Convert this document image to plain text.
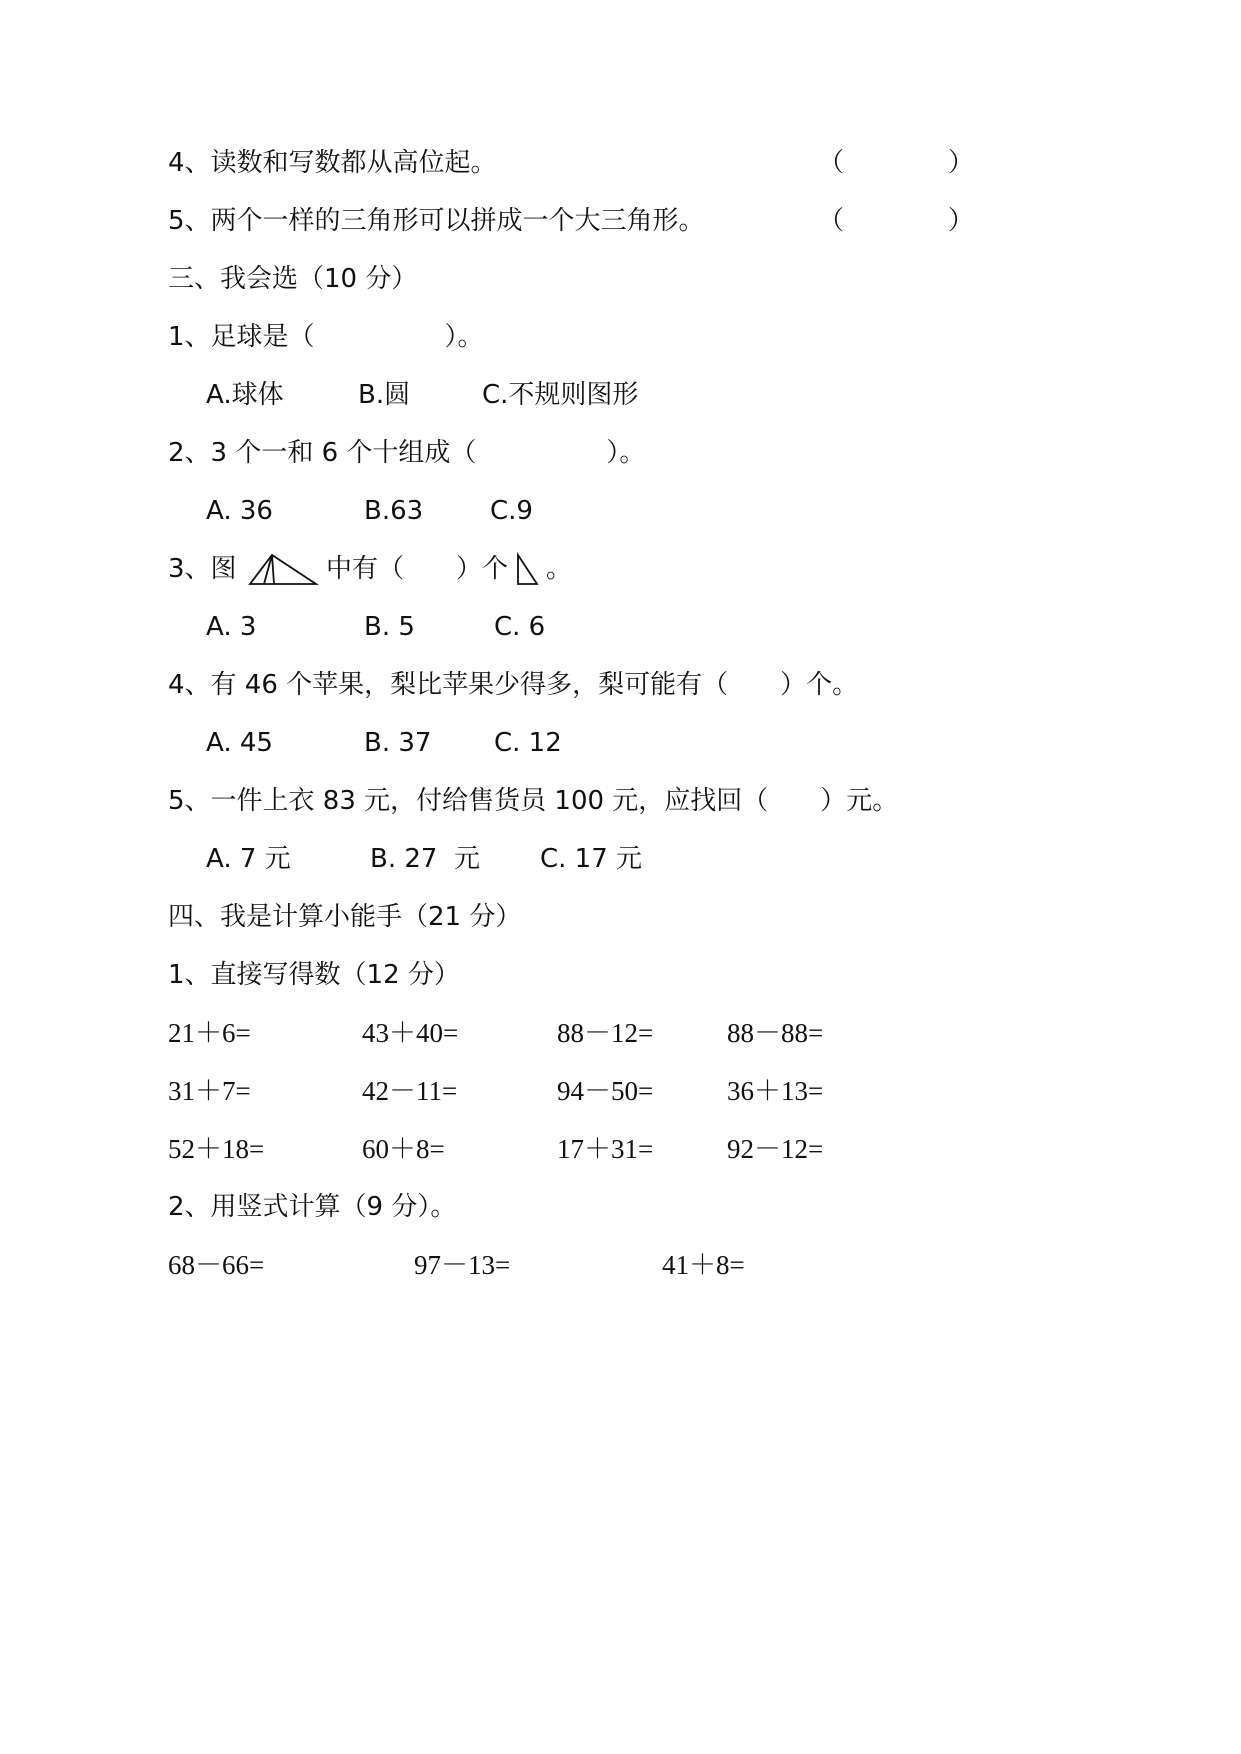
4、读数和写数都从高位起。	（	）
5、两个一样的三角形可以拼成一个大三角形。	（	）
三、我会选（10 分）
1、足球是（　　　　　）。
A.球体	B.圆	C.不规则图形
2、3 个一和 6 个十组成（　　　　　）。
A. 36	B.63	C.9
3、图	中有（　　）个 。
A. 3	B. 5	C. 6
4、有 46 个苹果，梨比苹果少得多，梨可能有（　　）个。
A. 45	B. 37 C. 12
5、一件上衣 83 元，付给售货员 100 元，应找回（　　）元。
A. 7 元	B. 27  元 C. 17 元
四、我是计算小能手（21 分）
1、直接写得数（12 分）
21＋6=	43＋40=	88－12=	88－88=
31＋7=	42－11=	94－50=	36＋13=
52＋18=	60＋8=	17＋31=	92－12=
2、用竖式计算（9 分）。
68－66=	97－13=	41＋8=
